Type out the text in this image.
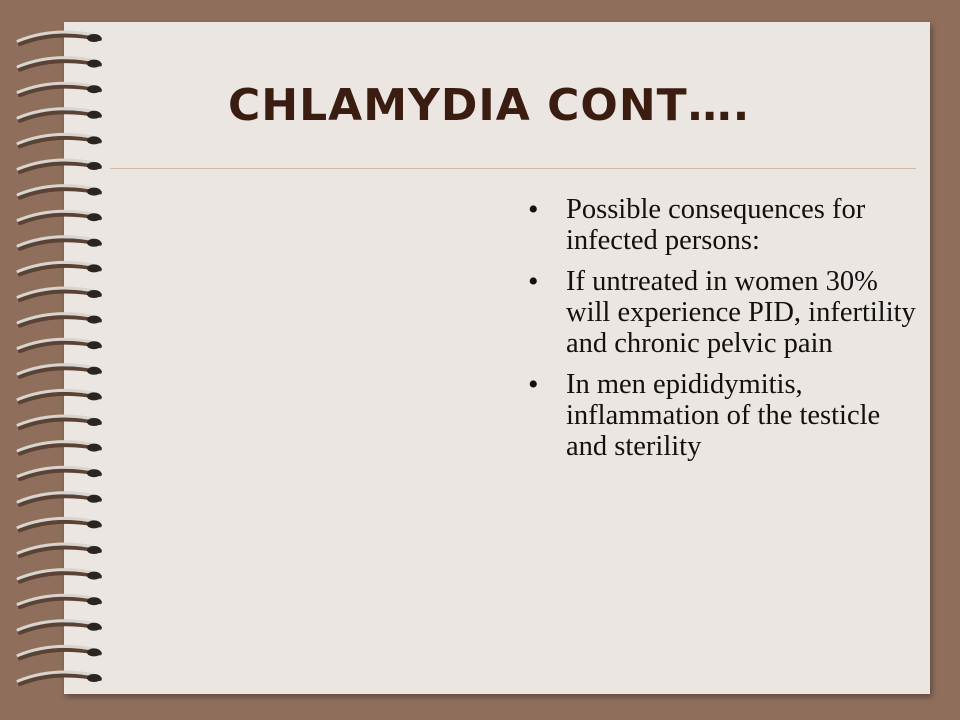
CHLAMYDIA CONT….
• Possible consequences for infected persons:
• If untreated in women 30% will experience PID, infertility and chronic pelvic pain
• In men epididymitis, inflammation of the testicle and sterility
